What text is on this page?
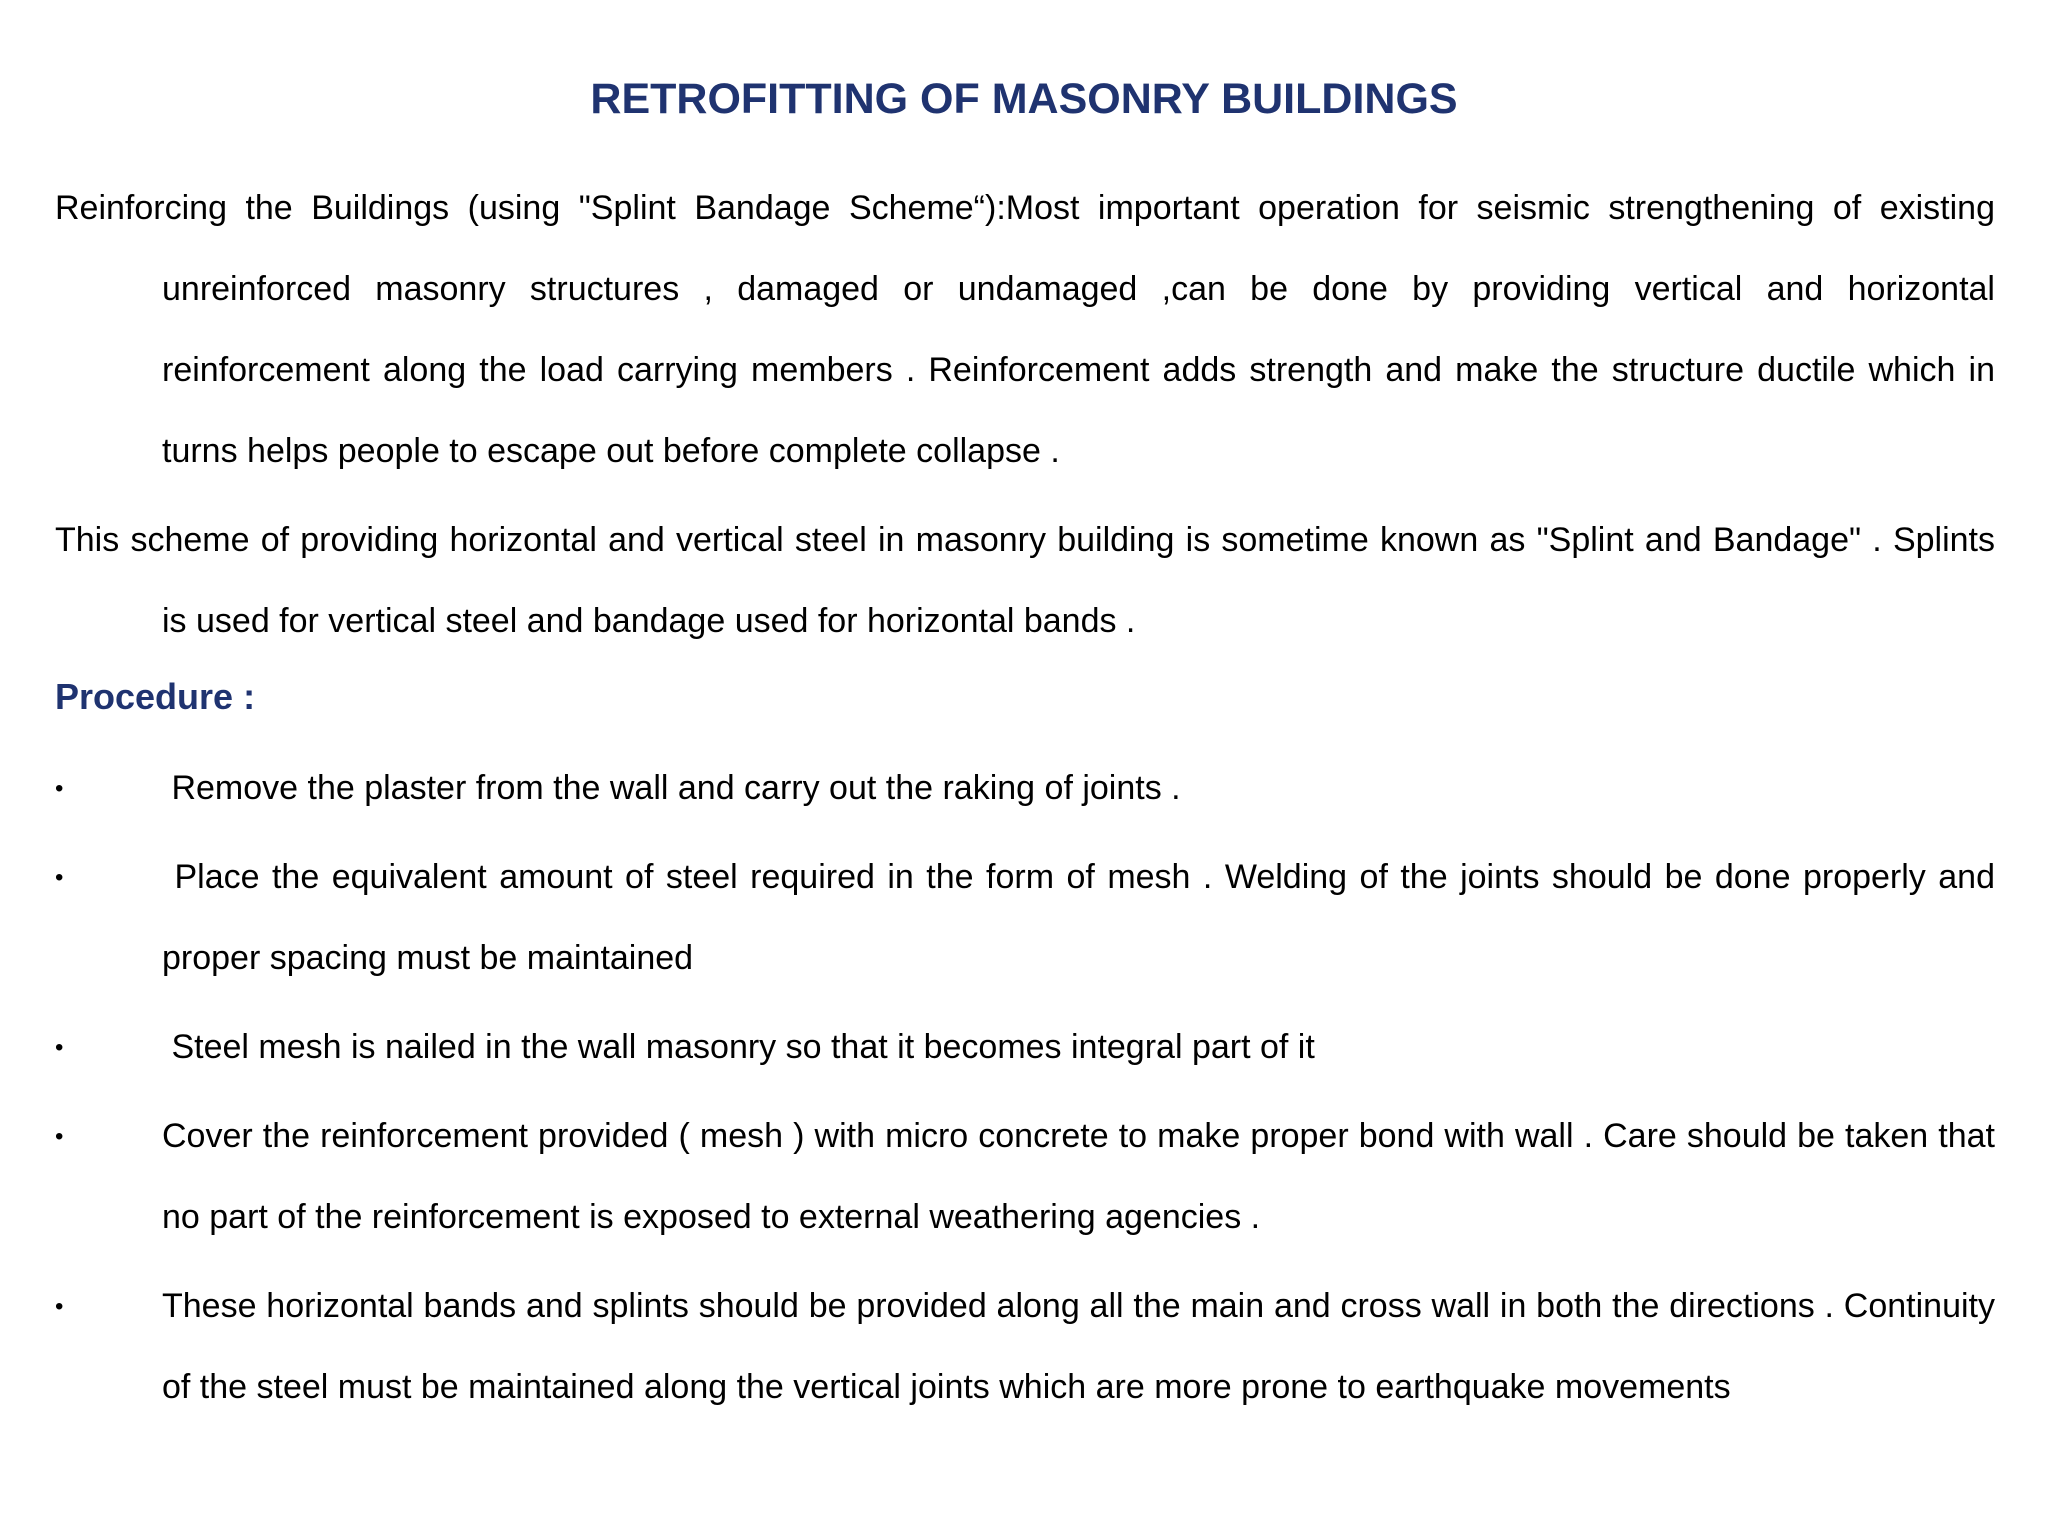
RETROFITTING OF MASONRY BUILDINGS

Reinforcing the Buildings (using "Splint Bandage Scheme“):Most important operation for seismic strengthening of existing unreinforced masonry structures , damaged or undamaged ,can be done by providing vertical and horizontal reinforcement along the load carrying members . Reinforcement adds strength and make the structure ductile which in turns helps people to escape out before complete collapse .

This scheme of providing horizontal and vertical steel in masonry building is sometime known as "Splint and Bandage" . Splints is used for vertical steel and bandage used for horizontal bands .

Procedure :
•	Remove the plaster from the wall and carry out the raking of joints .
•	Place the equivalent amount of steel required in the form of mesh . Welding of the joints should be done properly and proper spacing must be maintained
•	Steel mesh is nailed in the wall masonry so that it becomes integral part of it
•	Cover the reinforcement provided ( mesh ) with micro concrete to make proper bond with wall . Care should be taken that no part of the reinforcement is exposed to external weathering agencies .
•	These horizontal bands and splints should be provided along all the main and cross wall in both the directions . Continuity of the steel must be maintained along the vertical joints which are more prone to earthquake movements
